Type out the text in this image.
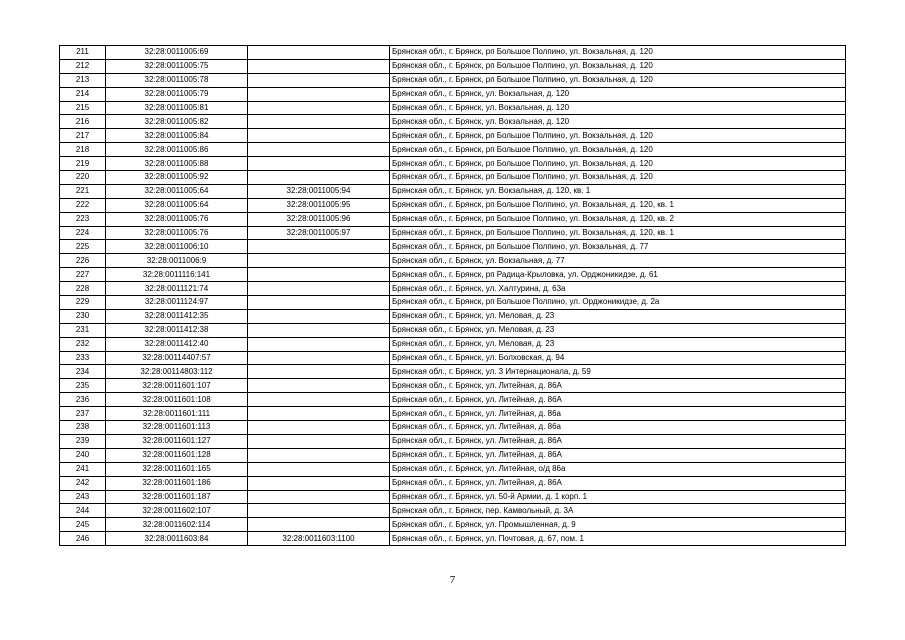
211	32:28:0011005:69		Брянская обл., г. Брянск, рп Большое Полпино, ул. Вокзальная, д. 120
212	32:28:0011005:75		Брянская обл., г. Брянск, рп Большое Полпино, ул. Вокзальная, д. 120
213	32:28:0011005:78		Брянская обл., г. Брянск, рп Большое Полпино, ул. Вокзальная, д. 120
214	32:28:0011005:79		Брянская обл., г. Брянск, ул. Вокзальная, д. 120
215	32:28:0011005:81		Брянская обл., г. Брянск, ул. Вокзальная, д. 120
216	32:28:0011005:82		Брянская обл., г. Брянск, ул. Вокзальная, д. 120
217	32:28:0011005:84		Брянская обл., г. Брянск, рп Большое Полпино, ул. Вокзальная, д. 120
218	32:28:0011005:86		Брянская обл., г. Брянск, рп Большое Полпино, ул. Вокзальная, д. 120
219	32:28:0011005:88		Брянская обл., г. Брянск, рп Большое Полпино, ул. Вокзальная, д. 120
220	32:28:0011005:92		Брянская обл., г. Брянск, рп Большое Полпино, ул. Вокзальная, д. 120
221	32:28:0011005:64	32:28:0011005:94	Брянская обл., г. Брянск, ул. Вокзальная, д. 120, кв. 1
222	32:28:0011005:64	32:28:0011005:95	Брянская обл., г. Брянск, рп Большое Полпино, ул. Вокзальная, д. 120, кв. 1
223	32:28:0011005:76	32:28:0011005:96	Брянская обл., г. Брянск, рп Большое Полпино, ул. Вокзальная, д. 120, кв. 2
224	32:28:0011005:76	32:28:0011005:97	Брянская обл., г. Брянск, рп Большое Полпино, ул. Вокзальная, д. 120, кв. 1
225	32:28:0011006:10		Брянская обл., г. Брянск, рп Большое Полпино, ул. Вокзальная, д. 77
226	32:28:0011006:9		Брянская обл., г. Брянск, ул. Вокзальная, д. 77
227	32:28:0011116:141		Брянская обл., г. Брянск, рп Радица-Крыловка, ул. Орджоникидзе, д. 61
228	32:28:0011121:74		Брянская обл., г. Брянск, ул. Халтурина, д. 63а
229	32:28:0011124:97		Брянская обл., г. Брянск, рп Большое Полпино, ул. Орджоникидзе, д. 2а
230	32:28:0011412:35		Брянская обл., г. Брянск, ул. Меловая, д. 23
231	32:28:0011412:38		Брянская обл., г. Брянск, ул. Меловая, д. 23
232	32:28:0011412:40		Брянская обл., г. Брянск, ул. Меловая, д. 23
233	32:28:00114407:57		Брянская обл., г. Брянск, ул. Болховская, д. 94
234	32:28:00114803:112		Брянская обл., г. Брянск, ул. 3 Интернационала, д. 59
235	32:28:0011601:107		Брянская обл., г. Брянск, ул. Литейная, д. 86А
236	32:28:0011601:108		Брянская обл., г. Брянск, ул. Литейная, д. 86А
237	32:28:0011601:111		Брянская обл., г. Брянск, ул. Литейная, д. 86а
238	32:28:0011601:113		Брянская обл., г. Брянск, ул. Литейная, д. 86а
239	32:28:0011601:127		Брянская обл., г. Брянск, ул. Литейная, д. 86А
240	32:28:0011601:128		Брянская обл., г. Брянск, ул. Литейная, д. 86А
241	32:28:0011601:165		Брянская обл., г. Брянск, ул. Литейная, о/д 86а
242	32:28:0011601:186		Брянская обл., г. Брянск, ул. Литейная, д. 86А
243	32:28:0011601:187		Брянская обл., г. Брянск, ул. 50-й Армии, д. 1 корп. 1
244	32:28:0011602:107		Брянская обл., г. Брянск, пер. Камвольный, д. 3А
245	32:28:0011602:114		Брянская обл., г. Брянск, ул. Промышленная, д. 9
246	32:28:0011603:84	32:28:0011603:1100	Брянская обл., г. Брянск, ул. Почтовая, д. 67, пом. 1
7
